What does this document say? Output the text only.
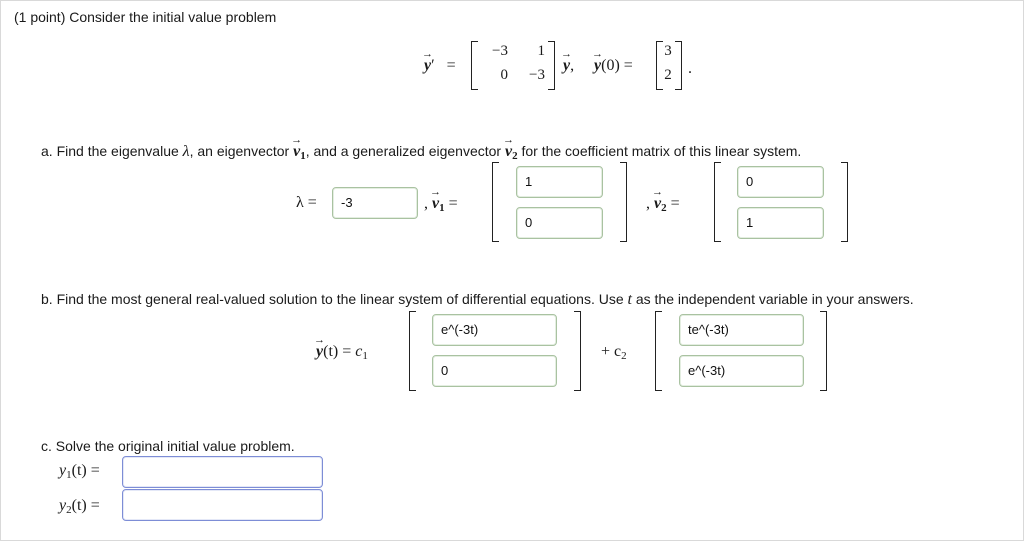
(1 point) Consider the initial value problem
→ y′ =
−3	1
0	−3
→ y, → y(0) =
3
2 .
a. Find the eigenvalue λ, an eigenvector → $v_1$, and a generalized eigenvector → $v_2$ for the coefficient matrix of this linear system.
λ =	-3	, → $v_1$ =
1
0
, → $v_2$ =
0
1
b. Find the most general real-valued solution to the linear system of differential equations. Use t as the independent variable in your answers.
→ $y(t) = c_1$
e^(-3t)
0
+ $c_2$
te^(-3t)
e^(-3t)
c. Solve the original initial value problem.
$y_1(t)$ =
$y_2(t)$ =
